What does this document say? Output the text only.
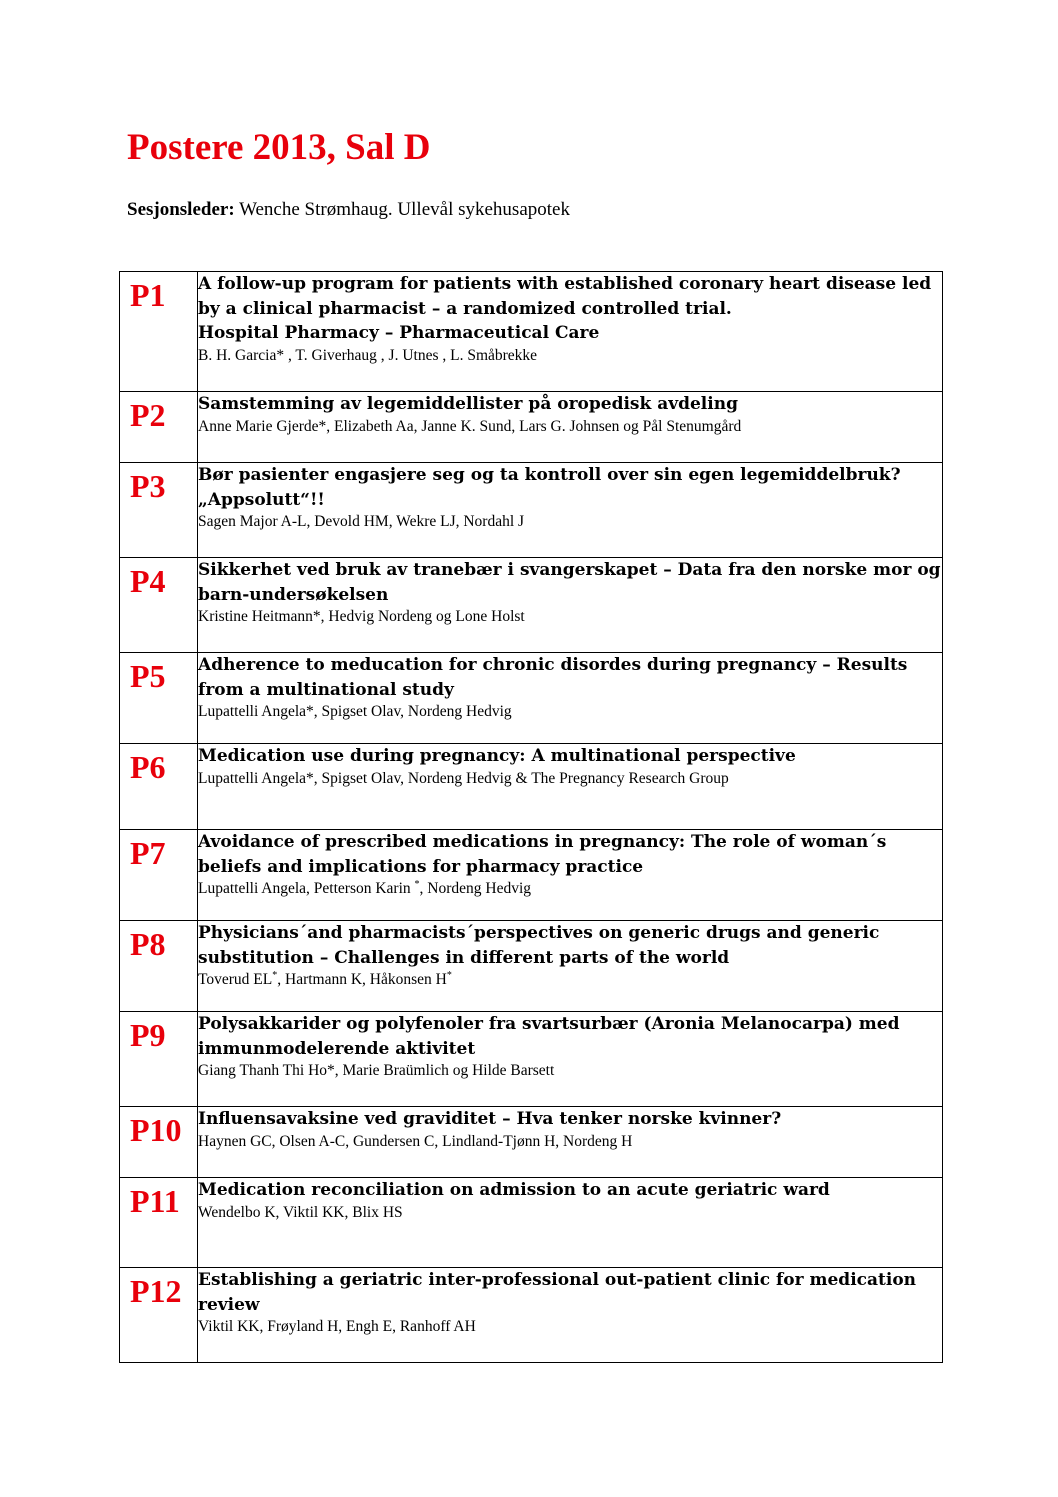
Postere 2013, Sal D
Sesjonsleder: Wenche Strømhaug. Ullevål sykehusapotek
P1	A follow-up program for patients with established coronary heart disease led by a clinical pharmacist – a randomized controlled trial.
Hospital Pharmacy – Pharmaceutical Care
B. H. Garcia* , T. Giverhaug , J. Utnes , L. Småbrekke

P2	Samstemming av legemiddellister på oropedisk avdeling
Anne Marie Gjerde*, Elizabeth Aa, Janne K. Sund, Lars G. Johnsen og Pål Stenumgård

P3	Bør pasienter engasjere seg og ta kontroll over sin egen legemiddelbruk? „Appsolutt“!!
Sagen Major A-L, Devold HM, Wekre LJ, Nordahl J

P4	Sikkerhet ved bruk av tranebær i svangerskapet – Data fra den norske mor og barn-undersøkelsen
Kristine Heitmann*, Hedvig Nordeng og Lone Holst

P5	Adherence to meducation for chronic disordes during pregnancy – Results from a multinational study
Lupattelli Angela*, Spigset Olav, Nordeng Hedvig

P6	Medication use during pregnancy: A multinational perspective
Lupattelli Angela*, Spigset Olav, Nordeng Hedvig & The Pregnancy Research Group

P7	Avoidance of prescribed medications in pregnancy: The role of woman´s beliefs and implications for pharmacy practice
Lupattelli Angela, Petterson Karin *, Nordeng Hedvig

P8	Physicians´and pharmacists´perspectives on generic drugs and generic substitution – Challenges in different parts of the world
Toverud EL*, Hartmann K, Håkonsen H*

P9	Polysakkarider og polyfenoler fra svartsurbær (Aronia Melanocarpa) med immunmodelerende aktivitet
Giang Thanh Thi Ho*, Marie Braümlich og Hilde Barsett

P10	Influensavaksine ved graviditet – Hva tenker norske kvinner?
Haynen GC, Olsen A-C, Gundersen C, Lindland-Tjønn H, Nordeng H

P11	Medication reconciliation on admission to an acute geriatric ward
Wendelbo K, Viktil KK, Blix HS

P12	Establishing a geriatric inter-professional out-patient clinic for medication review
Viktil KK, Frøyland H, Engh E, Ranhoff AH
